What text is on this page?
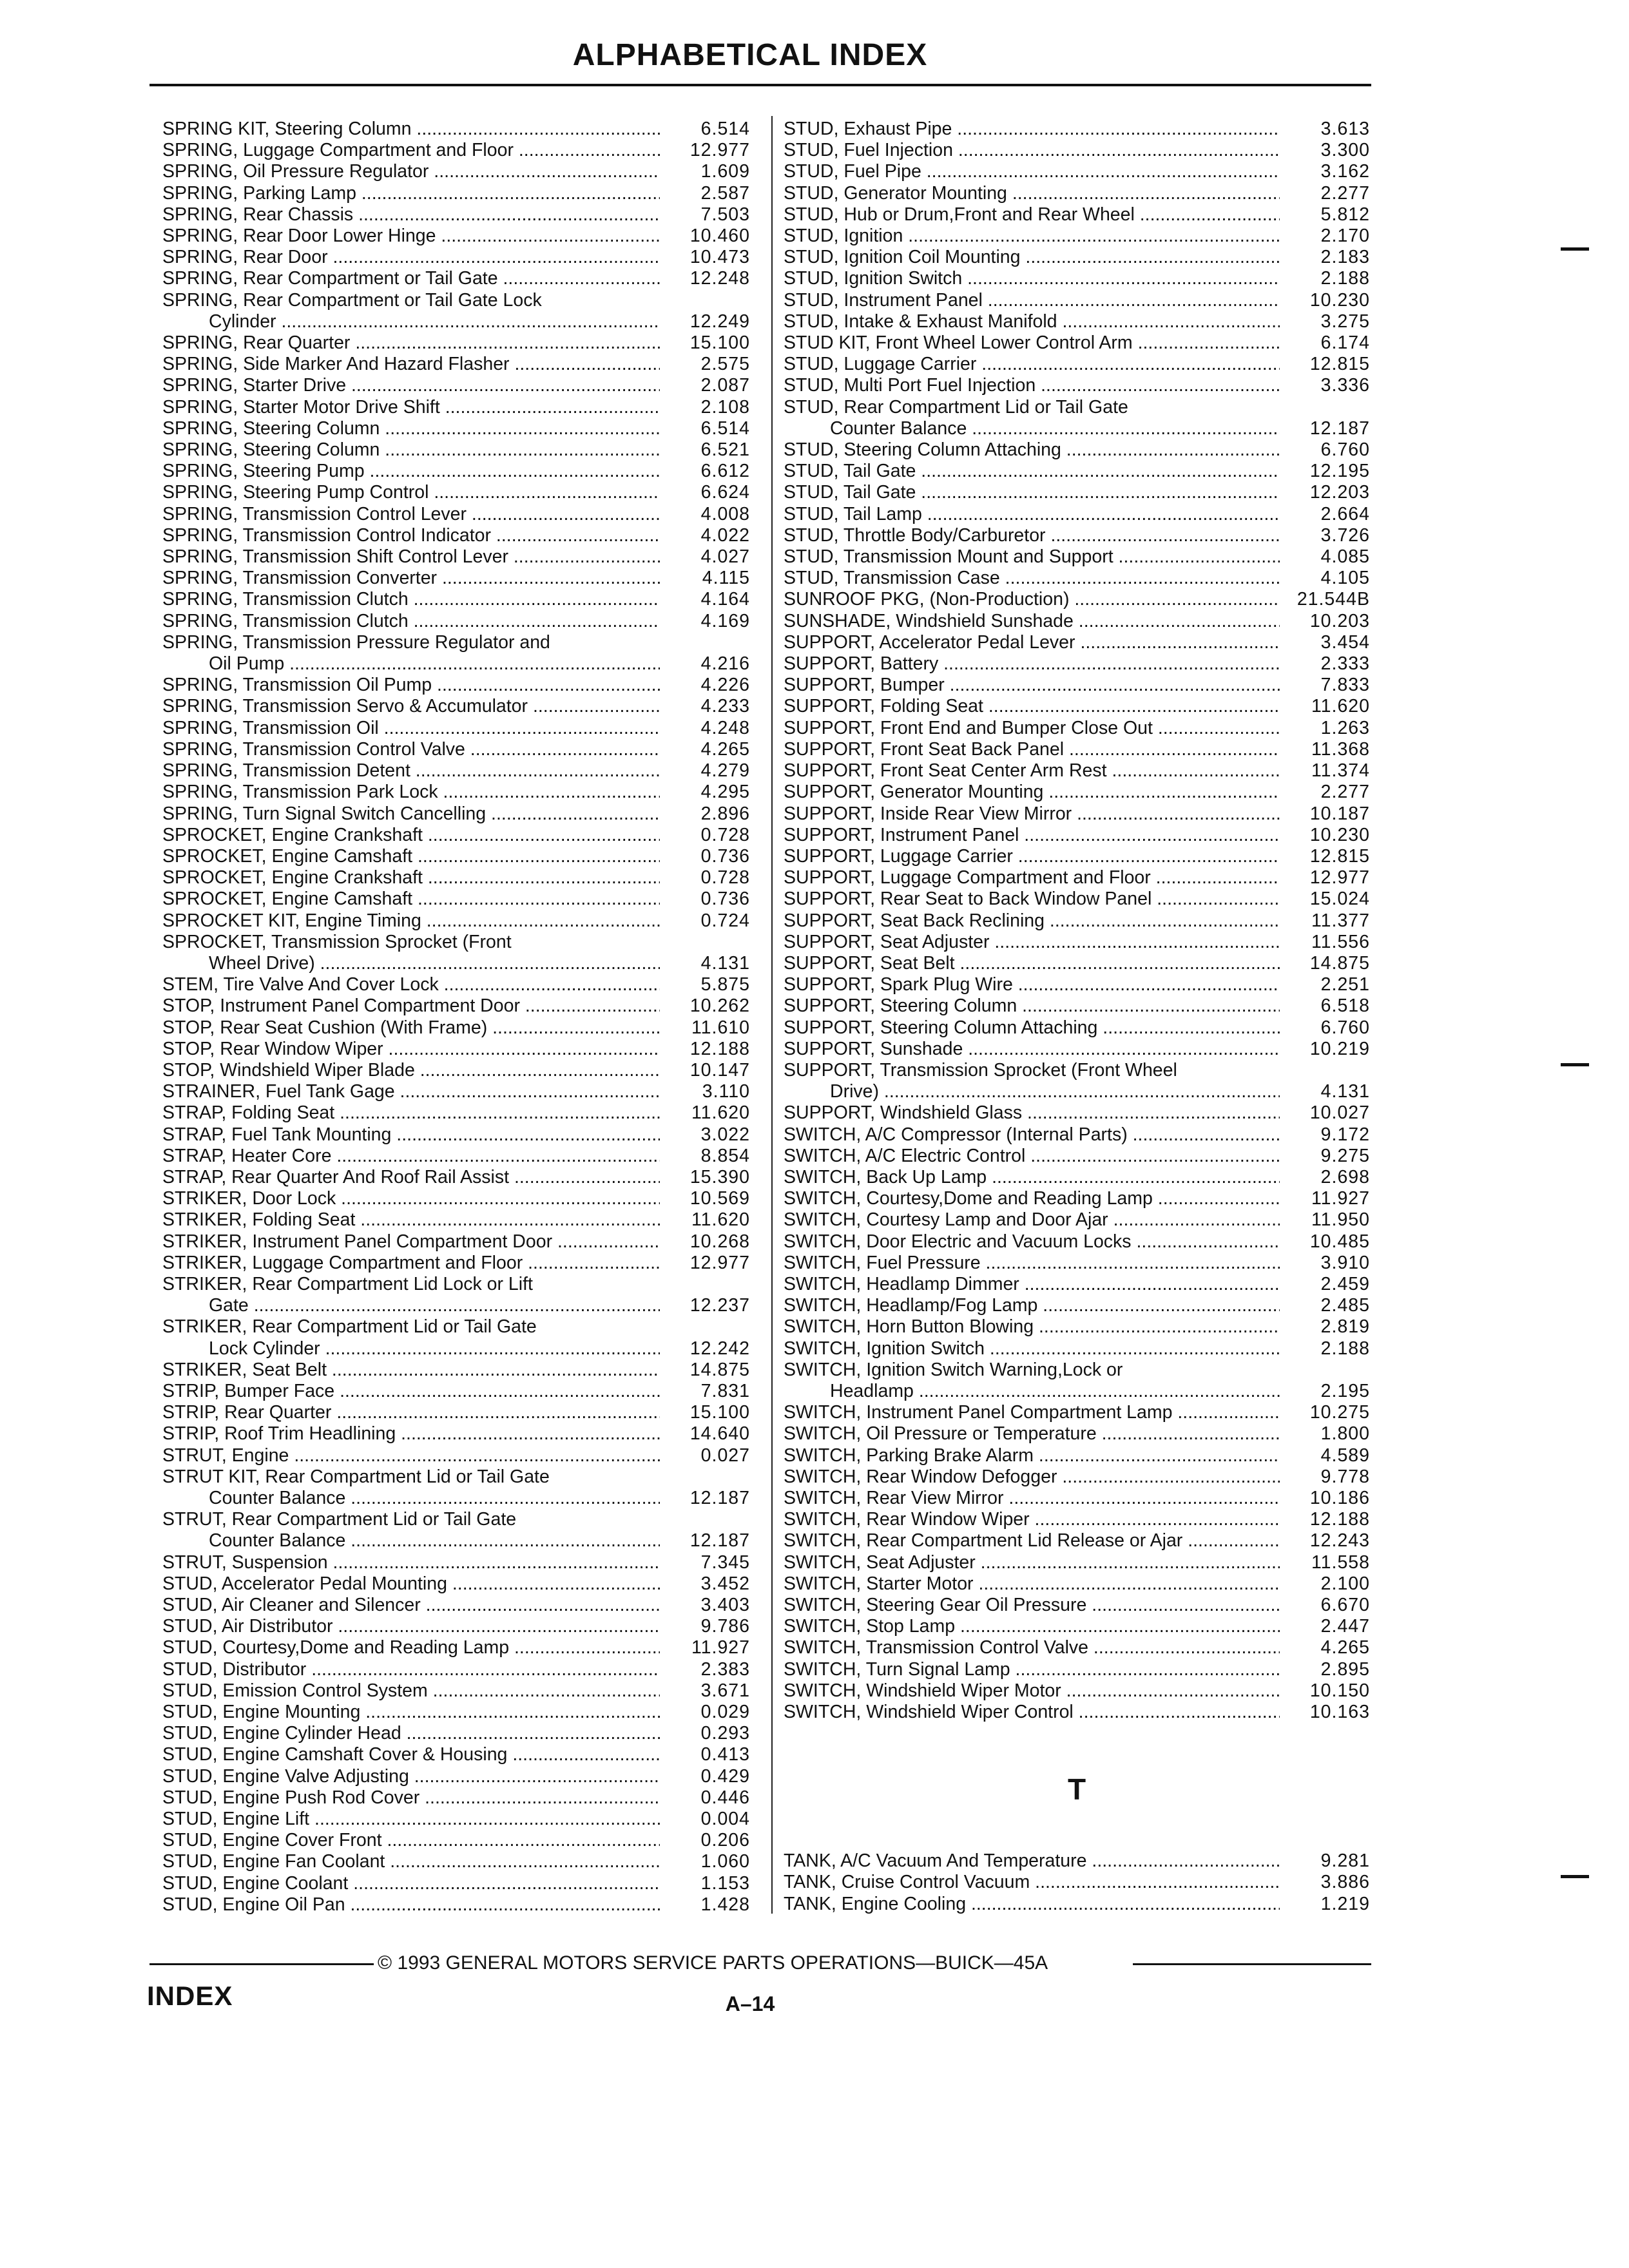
ALPHABETICAL INDEX
SPRING KIT, Steering Column .....	6.514
SPRING, Luggage Compartment and Floor .....	12.977
SPRING, Oil Pressure Regulator .....	1.609
SPRING, Parking Lamp .....	2.587
SPRING, Rear Chassis .....	7.503
SPRING, Rear Door Lower Hinge .....	10.460
SPRING, Rear Door .....	10.473
SPRING, Rear Compartment or Tail Gate .....	12.248
SPRING, Rear Compartment or Tail Gate Lock
Cylinder .....	12.249
SPRING, Rear Quarter .....	15.100
SPRING, Side Marker And Hazard Flasher .....	2.575
SPRING, Starter Drive .....	2.087
SPRING, Starter Motor Drive Shift .....	2.108
SPRING, Steering Column .....	6.514
SPRING, Steering Column .....	6.521
SPRING, Steering Pump .....	6.612
SPRING, Steering Pump Control .....	6.624
SPRING, Transmission Control Lever .....	4.008
SPRING, Transmission Control Indicator .....	4.022
SPRING, Transmission Shift Control Lever .....	4.027
SPRING, Transmission Converter .....	4.115
SPRING, Transmission Clutch .....	4.164
SPRING, Transmission Clutch .....	4.169
SPRING, Transmission Pressure Regulator and
Oil Pump .....	4.216
SPRING, Transmission Oil Pump .....	4.226
SPRING, Transmission Servo & Accumulator .....	4.233
SPRING, Transmission Oil .....	4.248
SPRING, Transmission Control Valve .....	4.265
SPRING, Transmission Detent .....	4.279
SPRING, Transmission Park Lock .....	4.295
SPRING, Turn Signal Switch Cancelling .....	2.896
SPROCKET, Engine Crankshaft .....	0.728
SPROCKET, Engine Camshaft .....	0.736
SPROCKET, Engine Crankshaft .....	0.728
SPROCKET, Engine Camshaft .....	0.736
SPROCKET KIT, Engine Timing .....	0.724
SPROCKET, Transmission Sprocket (Front
Wheel Drive) .....	4.131
STEM, Tire Valve And Cover Lock .....	5.875
STOP, Instrument Panel Compartment Door .....	10.262
STOP, Rear Seat Cushion (With Frame) .....	11.610
STOP, Rear Window Wiper .....	12.188
STOP, Windshield Wiper Blade .....	10.147
STRAINER, Fuel Tank Gage .....	3.110
STRAP, Folding Seat .....	11.620
STRAP, Fuel Tank Mounting .....	3.022
STRAP, Heater Core .....	8.854
STRAP, Rear Quarter And Roof Rail Assist .....	15.390
STRIKER, Door Lock .....	10.569
STRIKER, Folding Seat .....	11.620
STRIKER, Instrument Panel Compartment Door .....	10.268
STRIKER, Luggage Compartment and Floor .....	12.977
STRIKER, Rear Compartment Lid Lock or Lift
Gate .....	12.237
STRIKER, Rear Compartment Lid or Tail Gate
Lock Cylinder .....	12.242
STRIKER, Seat Belt .....	14.875
STRIP, Bumper Face .....	7.831
STRIP, Rear Quarter .....	15.100
STRIP, Roof Trim Headlining .....	14.640
STRUT, Engine .....	0.027
STRUT KIT, Rear Compartment Lid or Tail Gate
Counter Balance .....	12.187
STRUT, Rear Compartment Lid or Tail Gate
Counter Balance .....	12.187
STRUT, Suspension .....	7.345
STUD, Accelerator Pedal Mounting .....	3.452
STUD, Air Cleaner and Silencer .....	3.403
STUD, Air Distributor .....	9.786
STUD, Courtesy,Dome and Reading Lamp .....	11.927
STUD, Distributor .....	2.383
STUD, Emission Control System .....	3.671
STUD, Engine Mounting .....	0.029
STUD, Engine Cylinder Head .....	0.293
STUD, Engine Camshaft Cover & Housing .....	0.413
STUD, Engine Valve Adjusting .....	0.429
STUD, Engine Push Rod Cover .....	0.446
STUD, Engine Lift .....	0.004
STUD, Engine Cover Front .....	0.206
STUD, Engine Fan Coolant .....	1.060
STUD, Engine Coolant .....	1.153
STUD, Engine Oil Pan .....	1.428
STUD, Exhaust Pipe .....	3.613
STUD, Fuel Injection .....	3.300
STUD, Fuel Pipe .....	3.162
STUD, Generator Mounting .....	2.277
STUD, Hub or Drum,Front and Rear Wheel .....	5.812
STUD, Ignition .....	2.170
STUD, Ignition Coil Mounting .....	2.183
STUD, Ignition Switch .....	2.188
STUD, Instrument Panel .....	10.230
STUD, Intake & Exhaust Manifold .....	3.275
STUD KIT, Front Wheel Lower Control Arm .....	6.174
STUD, Luggage Carrier .....	12.815
STUD, Multi Port Fuel Injection .....	3.336
STUD, Rear Compartment Lid or Tail Gate
Counter Balance .....	12.187
STUD, Steering Column Attaching .....	6.760
STUD, Tail Gate .....	12.195
STUD, Tail Gate .....	12.203
STUD, Tail Lamp .....	2.664
STUD, Throttle Body/Carburetor .....	3.726
STUD, Transmission Mount and Support .....	4.085
STUD, Transmission Case .....	4.105
SUNROOF PKG, (Non-Production) .....	21.544B
SUNSHADE, Windshield Sunshade .....	10.203
SUPPORT, Accelerator Pedal Lever .....	3.454
SUPPORT, Battery .....	2.333
SUPPORT, Bumper .....	7.833
SUPPORT, Folding Seat .....	11.620
SUPPORT, Front End and Bumper Close Out .....	1.263
SUPPORT, Front Seat Back Panel .....	11.368
SUPPORT, Front Seat Center Arm Rest .....	11.374
SUPPORT, Generator Mounting .....	2.277
SUPPORT, Inside Rear View Mirror .....	10.187
SUPPORT, Instrument Panel .....	10.230
SUPPORT, Luggage Carrier .....	12.815
SUPPORT, Luggage Compartment and Floor .....	12.977
SUPPORT, Rear Seat to Back Window Panel .....	15.024
SUPPORT, Seat Back Reclining .....	11.377
SUPPORT, Seat Adjuster .....	11.556
SUPPORT, Seat Belt .....	14.875
SUPPORT, Spark Plug Wire .....	2.251
SUPPORT, Steering Column .....	6.518
SUPPORT, Steering Column Attaching .....	6.760
SUPPORT, Sunshade .....	10.219
SUPPORT, Transmission Sprocket (Front Wheel
Drive) .....	4.131
SUPPORT, Windshield Glass .....	10.027
SWITCH, A/C Compressor (Internal Parts) .....	9.172
SWITCH, A/C Electric Control .....	9.275
SWITCH, Back Up Lamp .....	2.698
SWITCH, Courtesy,Dome and Reading Lamp .....	11.927
SWITCH, Courtesy Lamp and Door Ajar .....	11.950
SWITCH, Door Electric and Vacuum Locks .....	10.485
SWITCH, Fuel Pressure .....	3.910
SWITCH, Headlamp Dimmer .....	2.459
SWITCH, Headlamp/Fog Lamp .....	2.485
SWITCH, Horn Button Blowing .....	2.819
SWITCH, Ignition Switch .....	2.188
SWITCH, Ignition Switch Warning,Lock or
Headlamp .....	2.195
SWITCH, Instrument Panel Compartment Lamp .....	10.275
SWITCH, Oil Pressure or Temperature .....	1.800
SWITCH, Parking Brake Alarm .....	4.589
SWITCH, Rear Window Defogger .....	9.778
SWITCH, Rear View Mirror .....	10.186
SWITCH, Rear Window Wiper .....	12.188
SWITCH, Rear Compartment Lid Release or Ajar .....	12.243
SWITCH, Seat Adjuster .....	11.558
SWITCH, Starter Motor .....	2.100
SWITCH, Steering Gear Oil Pressure .....	6.670
SWITCH, Stop Lamp .....	2.447
SWITCH, Transmission Control Valve .....	4.265
SWITCH, Turn Signal Lamp .....	2.895
SWITCH, Windshield Wiper Motor .....	10.150
SWITCH, Windshield Wiper Control .....	10.163
T
TANK, A/C Vacuum And Temperature .....	9.281
TANK, Cruise Control Vacuum .....	3.886
TANK, Engine Cooling .....	1.219
© 1993 GENERAL MOTORS SERVICE PARTS OPERATIONS—BUICK—45A
INDEX	A–14
